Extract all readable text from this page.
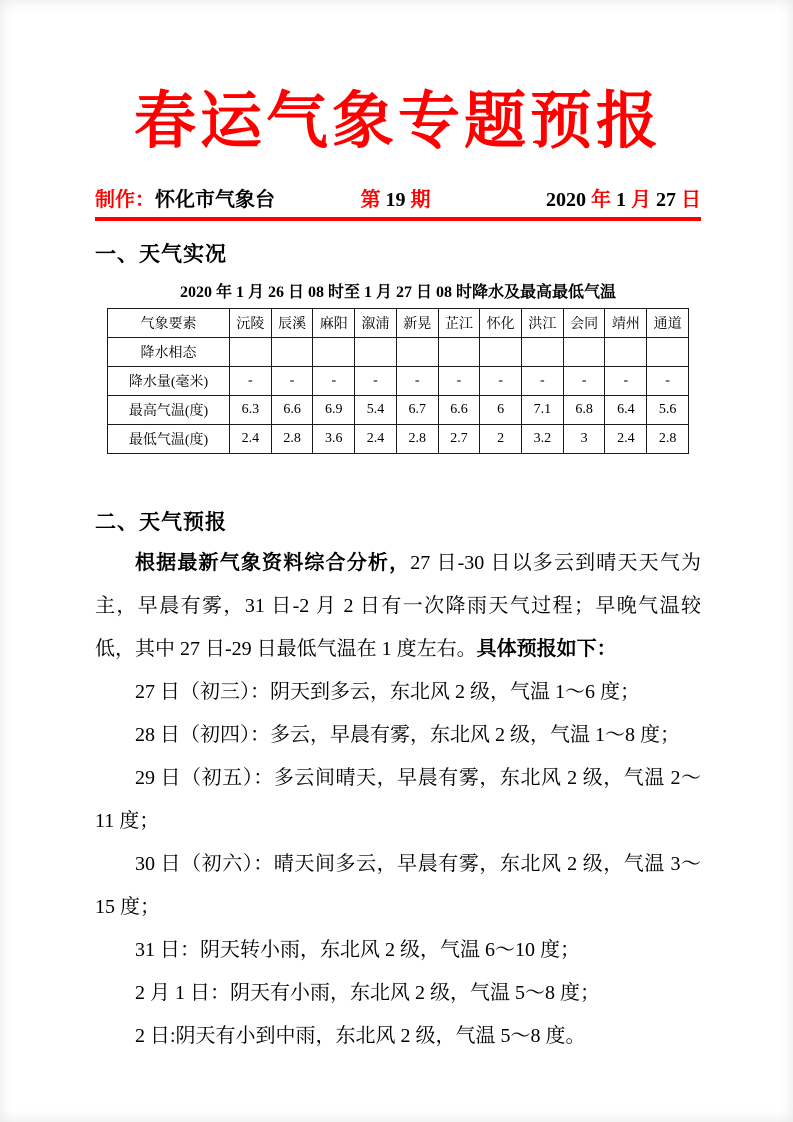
春运气象专题预报
制作：怀化市气象台	第 19 期	2020 年 1 月 27 日
一、天气实况
2020 年 1 月 26 日 08 时至 1 月 27 日 08 时降水及最高最低气温
气象要素	沅陵	辰溪	麻阳	溆浦	新晃	芷江	怀化	洪江	会同	靖州	通道
降水相态											
降水量(毫米)	-	-	-	-	-	-	-	-	-	-	-
最高气温(度)	6.3	6.6	6.9	5.4	6.7	6.6	6	7.1	6.8	6.4	5.6
最低气温(度)	2.4	2.8	3.6	2.4	2.8	2.7	2	3.2	3	2.4	2.8
二、天气预报

根据最新气象资料综合分析，27 日-30 日以多云到晴天天气为主，早晨有雾，31 日-2 月 2 日有一次降雨天气过程；早晚气温较低，其中 27 日-29 日最低气温在 1 度左右。具体预报如下：

27 日（初三）：阴天到多云，东北风 2 级，气温 1～6 度；

28 日（初四）：多云，早晨有雾，东北风 2 级，气温 1～8 度；

29 日（初五）：多云间晴天，早晨有雾，东北风 2 级，气温 2～11 度；

30 日（初六）：晴天间多云，早晨有雾，东北风 2 级，气温 3～15 度；

31 日：阴天转小雨，东北风 2 级，气温 6～10 度；

2 月 1 日：阴天有小雨，东北风 2 级，气温 5～8 度；

2 日:阴天有小到中雨，东北风 2 级，气温 5～8 度。
